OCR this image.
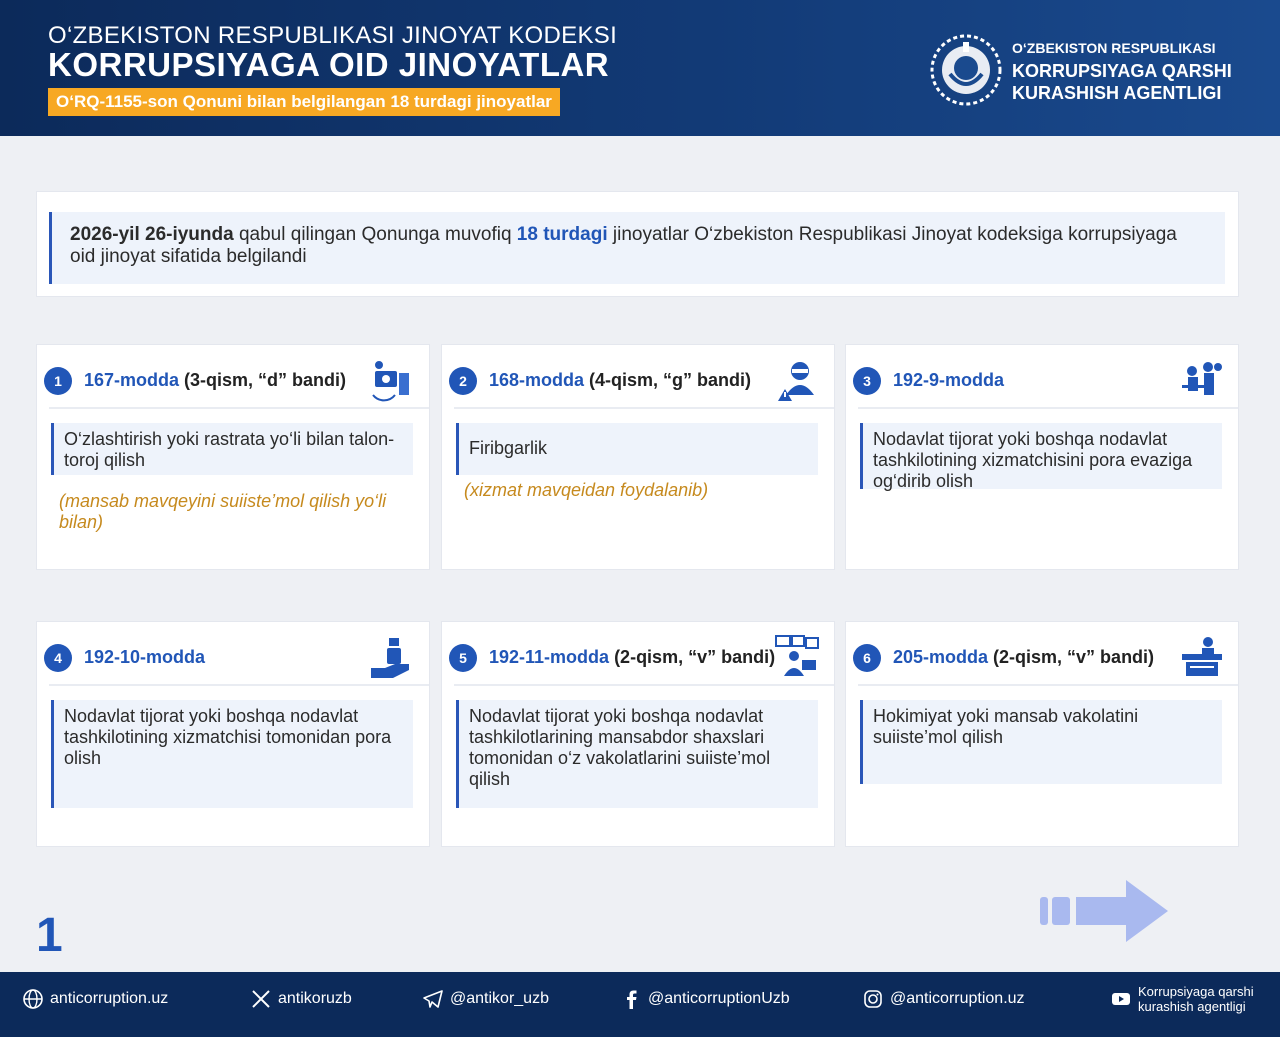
O‘ZBEKISTON RESPUBLIKASI JINOYAT KODEKSI
KORRUPSIYAGA OID JINOYATLAR
O‘RQ-1155-son Qonuni bilan belgilangan 18 turdagi jinoyatlar
O‘ZBEKISTON RESPUBLIKASI
KORRUPSIYAGA QARSHI
KURASHISH AGENTLIGI
2026-yil 26-iyunda qabul qilingan Qonunga muvofiq 18 turdagi jinoyatlar O‘zbekiston Respublikasi Jinoyat kodeksiga korrupsiyaga oid jinoyat sifatida belgilandi
1	167-modda (3-qism, “d” bandi)
O‘zlashtirish yoki rastrata yo‘li bilan talon-toroj qilish
(mansab mavqeyini suiiste’mol qilish yo‘li bilan)
2	168-modda (4-qism, “g” bandi)
Firibgarlik
(xizmat mavqeidan foydalanib)
3	192-9-modda
Nodavlat tijorat yoki boshqa nodavlat tashkilotining xizmatchisini pora evaziga og‘dirib olish
4	192-10-modda
Nodavlat tijorat yoki boshqa nodavlat tashkilotining xizmatchisi tomonidan pora olish
5	192-11-modda (2-qism, “v” bandi)
Nodavlat tijorat yoki boshqa nodavlat tashkilotlarining mansabdor shaxslari tomonidan o‘z vakolatlarini suiiste’mol qilish
6	205-modda (2-qism, “v” bandi)
Hokimiyat yoki mansab vakolatini suiiste’mol qilish
1
anticorruption.uz	antikoruzb	@antikor_uzb	@anticorruptionUzb	@anticorruption.uz	Korrupsiyaga qarshi
kurashish agentligi
